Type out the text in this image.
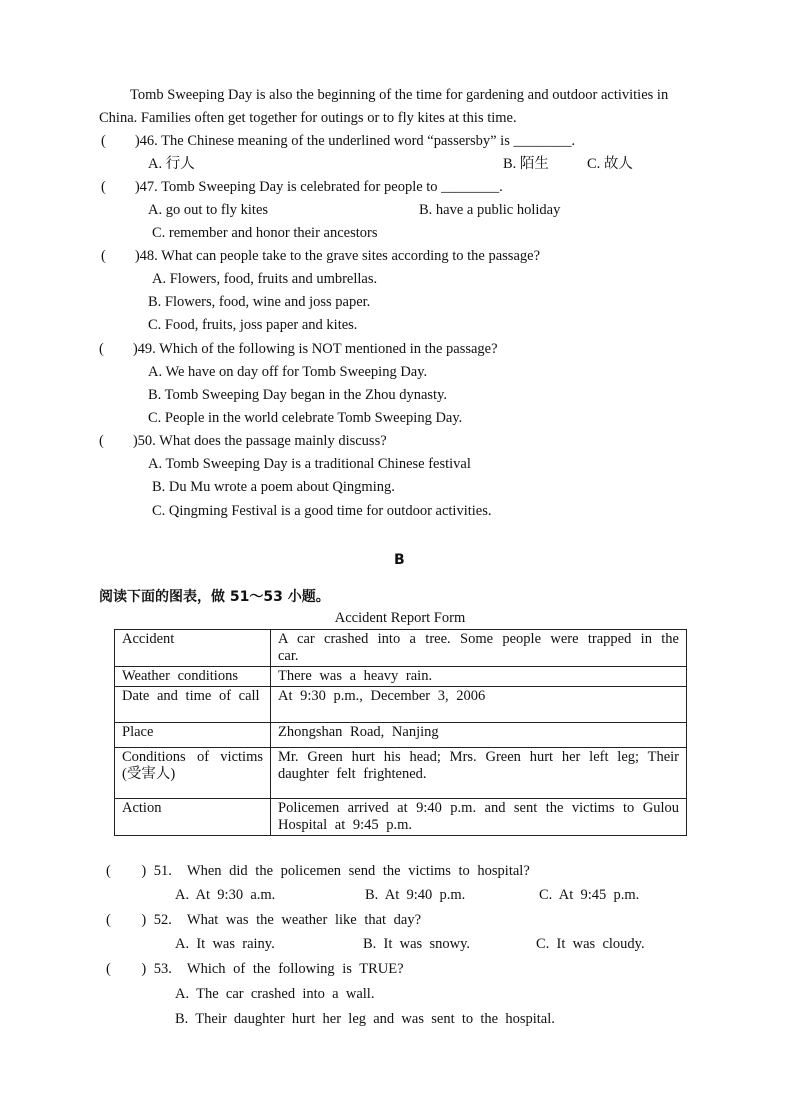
Tomb Sweeping Day is also the beginning of the time for gardening and outdoor activities in
China. Families often get together for outings or to fly kites at this time.
(        )46. The Chinese meaning of the underlined word “passersby” is ________.
A. 行人	B. 陌生	C. 故人
(        )47. Tomb Sweeping Day is celebrated for people to ________.
A. go out to fly kites	B. have a public holiday
C. remember and honor their ancestors
(        )48. What can people take to the grave sites according to the passage?
A. Flowers, food, fruits and umbrellas.
B. Flowers, food, wine and joss paper.
C. Food, fruits, joss paper and kites.
(        )49. Which of the following is NOT mentioned in the passage?
A. We have on day off for Tomb Sweeping Day.
B. Tomb Sweeping Day began in the Zhou dynasty.
C. People in the world celebrate Tomb Sweeping Day.
(        )50. What does the passage mainly discuss?
A. Tomb Sweeping Day is a traditional Chinese festival
B. Du Mu wrote a poem about Qingming.
C. Qingming Festival is a good time for outdoor activities.
B
阅读下面的图表，做 51～53 小题。
Accident Report Form
Accident	A car crashed into a tree. Some people were trapped in the car.
Weather conditions	There was a heavy rain.
Date and time of call	At 9:30 p.m., December 3, 2006
Place	Zhongshan Road, Nanjing
Conditions of victims (受害人)	Mr. Green hurt his head; Mrs. Green hurt her left leg; Their daughter felt frightened.
Action	Policemen arrived at 9:40 p.m. and sent the victims to Gulou Hospital at 9:45 p.m.
(    ) 51.  When did the policemen send the victims to hospital?
A.  At  9:30  a.m.	B.  At  9:40  p.m.	C.  At  9:45  p.m.
(    ) 52.  What was the weather like that day?
A.  It  was  rainy.	B.  It  was  snowy.	C.  It  was  cloudy.
(    ) 53.  Which of the following is TRUE?
A.  The  car  crashed  into  a  wall.
B.  Their  daughter  hurt  her  leg  and  was  sent  to  the  hospital.
